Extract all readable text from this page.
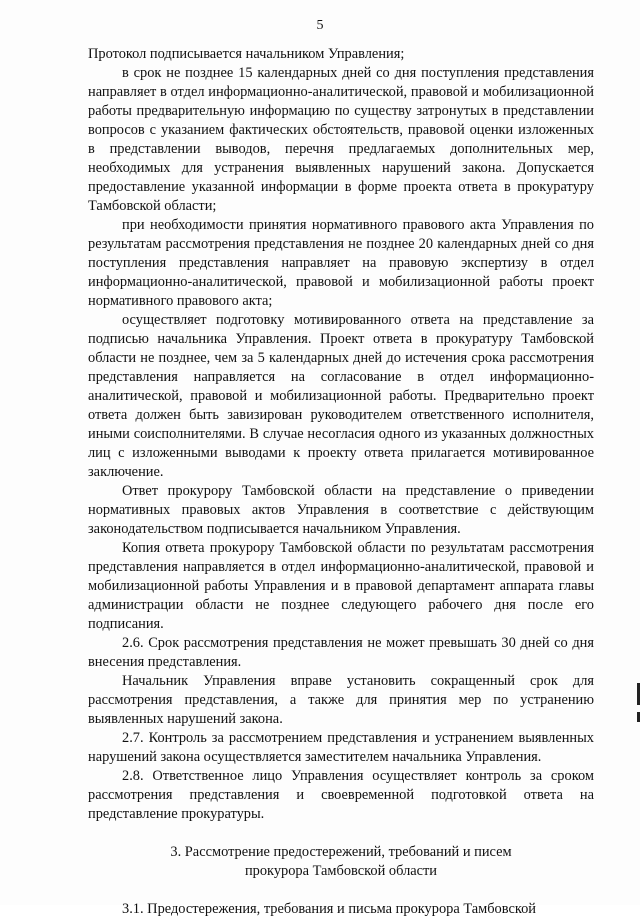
5

Протокол подписывается начальником Управления;

в срок не позднее 15 календарных дней со дня поступления представления направляет в отдел информационно-аналитической, правовой и мобилизационной работы предварительную информацию по существу затронутых в представлении вопросов с указанием фактических обстоятельств, правовой оценки изложенных в представлении выводов, перечня предлагаемых дополнительных мер, необходимых для устранения выявленных нарушений закона. Допускается предоставление указанной информации в форме проекта ответа в прокуратуру Тамбовской области;

при необходимости принятия нормативного правового акта Управления по результатам рассмотрения представления не позднее 20 календарных дней со дня поступления представления направляет на правовую экспертизу в отдел информационно-аналитической, правовой и мобилизационной работы проект нормативного правового акта;

осуществляет подготовку мотивированного ответа на представление за подписью начальника Управления. Проект ответа в прокуратуру Тамбовской области не позднее, чем за 5 календарных дней до истечения срока рассмотрения представления направляется на согласование в отдел информационно-аналитической, правовой и мобилизационной работы. Предварительно проект ответа должен быть завизирован руководителем ответственного исполнителя, иными соисполнителями. В случае несогласия одного из указанных должностных лиц с изложенными выводами к проекту ответа прилагается мотивированное заключение.

Ответ прокурору Тамбовской области на представление о приведении нормативных правовых актов Управления в соответствие с действующим законодательством подписывается начальником Управления.

Копия ответа прокурору Тамбовской области по результатам рассмотрения представления направляется в отдел информационно-аналитической, правовой и мобилизационной работы Управления и в правовой департамент аппарата главы администрации области не позднее следующего рабочего дня после его подписания.

2.6. Срок рассмотрения представления не может превышать 30 дней со дня внесения представления.

Начальник Управления вправе установить сокращенный срок для рассмотрения представления, а также для принятия мер по устранению выявленных нарушений закона.

2.7. Контроль за рассмотрением представления и устранением выявленных нарушений закона осуществляется заместителем начальника Управления.

2.8. Ответственное лицо Управления осуществляет контроль за сроком рассмотрения представления и своевременной подготовкой ответа на представление прокуратуры.

3. Рассмотрение предостережений, требований и писем
прокурора Тамбовской области

3.1. Предостережения, требования и письма прокурора Тамбовской
